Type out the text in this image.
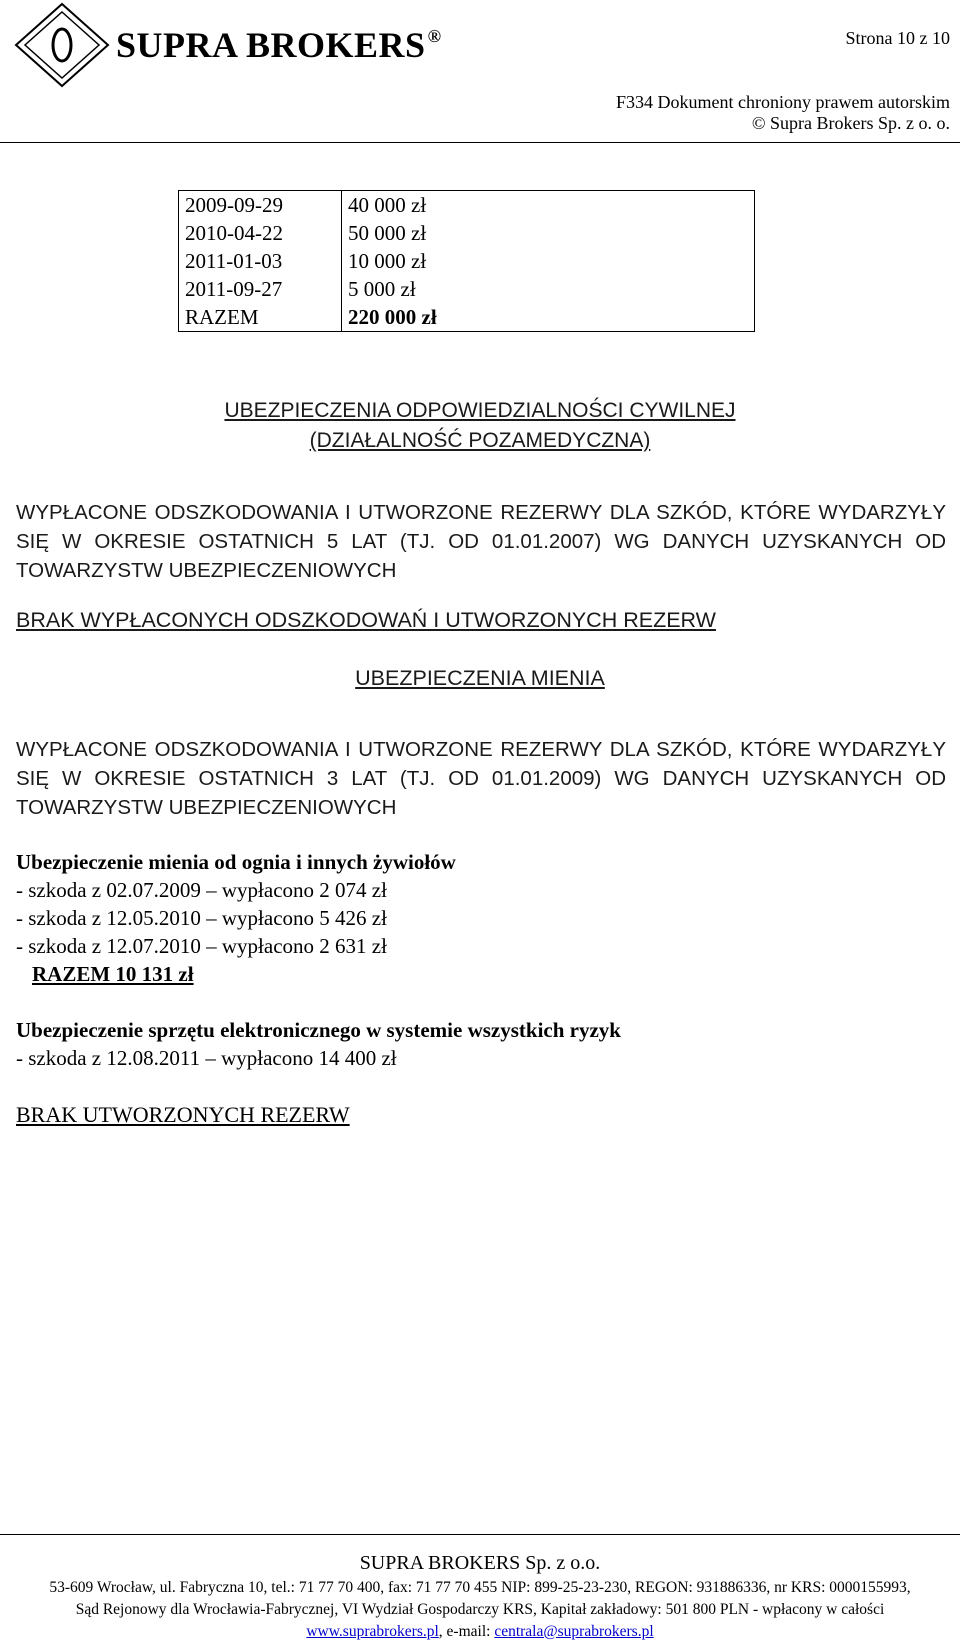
SUPRA BROKERS ®	Strona 10 z 10
F334 Dokument chroniony prawem autorskim
© Supra Brokers Sp. z o. o.
2009-09-29	40 000 zł
2010-04-22	50 000 zł
2011-01-03	10 000 zł
2011-09-27	5 000 zł
RAZEM	220 000 zł
UBEZPIECZENIA ODPOWIEDZIALNOŚCI CYWILNEJ
(DZIAŁALNOŚĆ POZAMEDYCZNA)
WYPŁACONE ODSZKODOWANIA I UTWORZONE REZERWY DLA SZKÓD, KTÓRE WYDARZYŁY SIĘ W OKRESIE OSTATNICH 5 LAT (TJ. OD 01.01.2007) WG DANYCH UZYSKANYCH OD TOWARZYSTW UBEZPIECZENIOWYCH
BRAK WYPŁACONYCH ODSZKODOWAŃ I UTWORZONYCH REZERW
UBEZPIECZENIA MIENIA
WYPŁACONE ODSZKODOWANIA I UTWORZONE REZERWY DLA SZKÓD, KTÓRE WYDARZYŁY SIĘ W OKRESIE OSTATNICH 3 LAT (TJ. OD 01.01.2009) WG DANYCH UZYSKANYCH OD TOWARZYSTW UBEZPIECZENIOWYCH
Ubezpieczenie mienia od ognia i innych żywiołów
- szkoda z 02.07.2009 – wypłacono 2 074 zł
- szkoda z 12.05.2010 – wypłacono 5 426 zł
- szkoda z 12.07.2010 – wypłacono 2 631 zł
RAZEM 10 131 zł
Ubezpieczenie sprzętu elektronicznego w systemie wszystkich ryzyk
- szkoda z 12.08.2011 – wypłacono 14 400 zł
BRAK UTWORZONYCH REZERW
SUPRA BROKERS Sp. z o.o.
53-609 Wrocław, ul. Fabryczna 10, tel.: 71 77 70 400, fax: 71 77 70 455 NIP: 899-25-23-230, REGON: 931886336, nr KRS: 0000155993,
Sąd Rejonowy dla Wrocławia-Fabrycznej, VI Wydział Gospodarczy KRS, Kapitał zakładowy: 501 800 PLN - wpłacony w całości
www.suprabrokers.pl, e-mail: centrala@suprabrokers.pl
